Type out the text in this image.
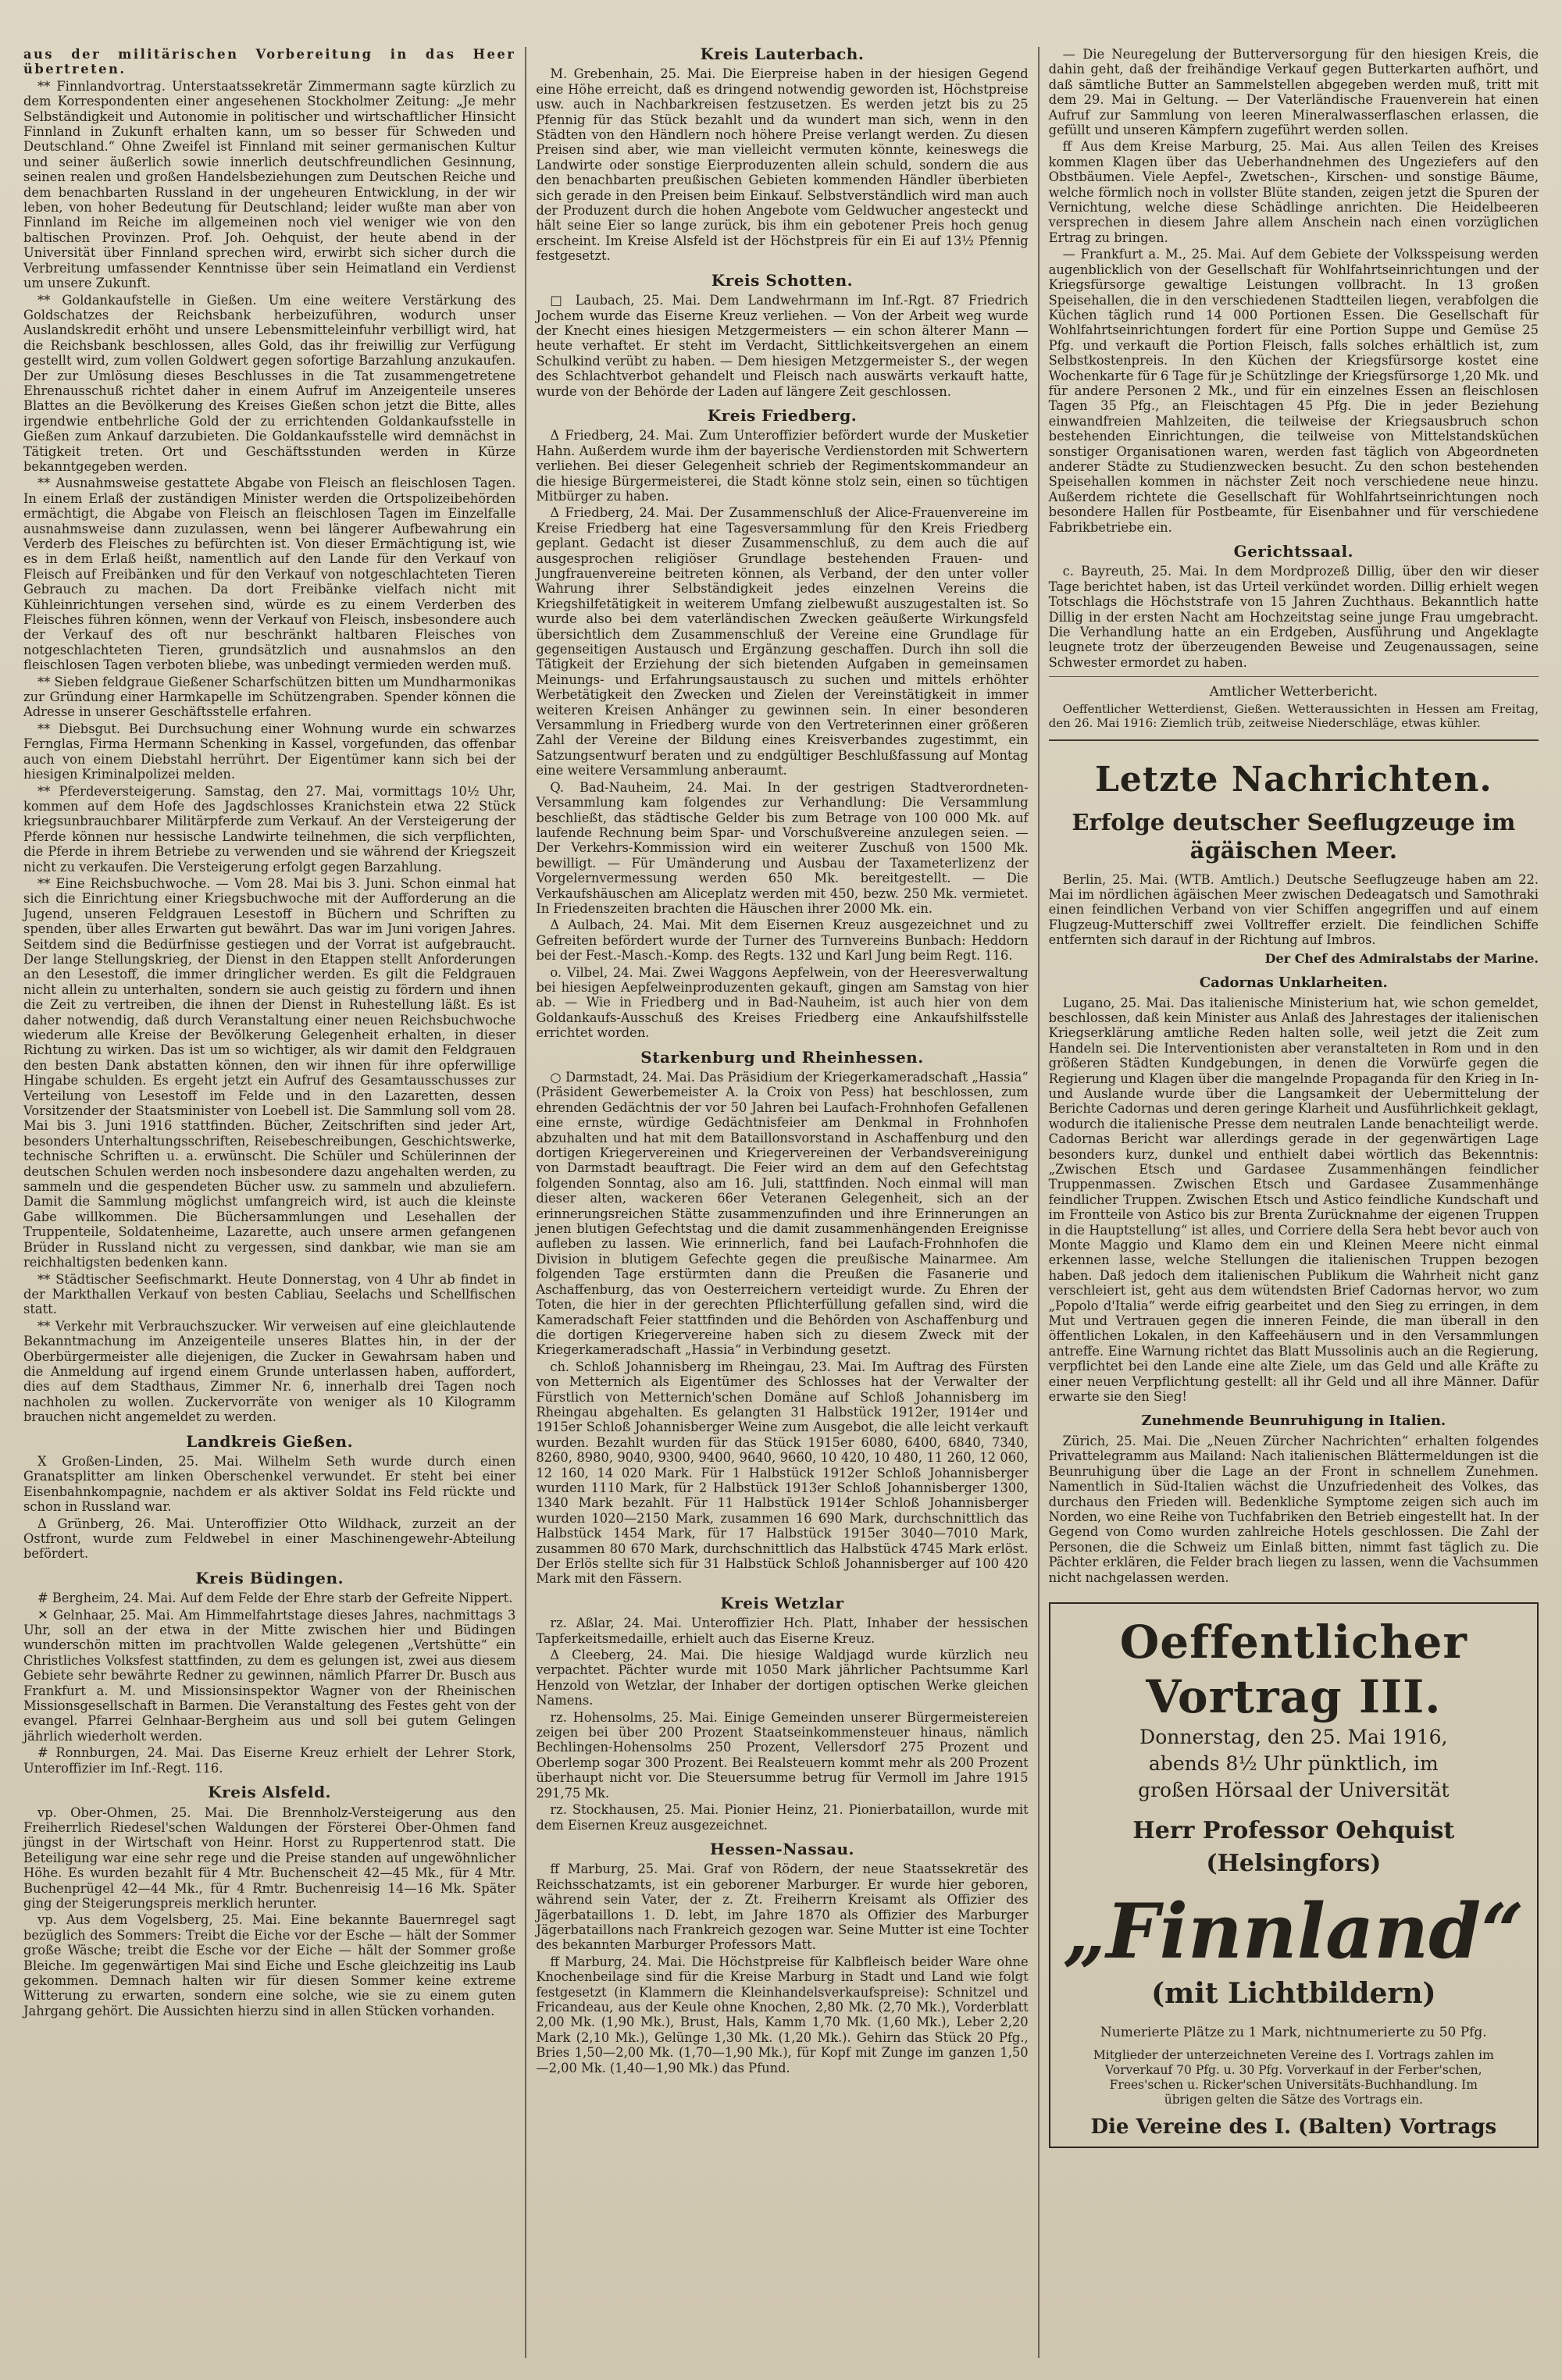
aus der militärischen Vorbereitung in das Heer übertreten.

** Finnlandvortrag. Unterstaatssekretär Zimmermann sagte kürzlich zu dem Korrespondenten einer angesehenen Stockholmer Zeitung: „Je mehr Selbständigkeit und Autonomie in politischer und wirtschaftlicher Hinsicht Finnland in Zukunft erhalten kann, um so besser für Schweden und Deutschland.“ Ohne Zweifel ist Finnland mit seiner germanischen Kultur und seiner äußerlich sowie innerlich deutschfreundlichen Gesinnung, seinen realen und großen Handelsbeziehungen zum Deutschen Reiche und dem benachbarten Russland in der ungeheuren Entwicklung, in der wir leben, von hoher Bedeutung für Deutschland; leider wußte man aber von Finnland im Reiche im allgemeinen noch viel weniger wie von den baltischen Provinzen. Prof. Joh. Oehquist, der heute abend in der Universität über Finnland sprechen wird, erwirbt sich sicher durch die Verbreitung umfassender Kenntnisse über sein Heimatland ein Verdienst um unsere Zukunft.

** Goldankaufstelle in Gießen. Um eine weitere Verstärkung des Goldschatzes der Reichsbank herbeizuführen, wodurch unser Auslandskredit erhöht und unsere Lebensmitteleinfuhr verbilligt wird, hat die Reichsbank beschlossen, alles Gold, das ihr freiwillig zur Verfügung gestellt wird, zum vollen Goldwert gegen sofortige Barzahlung anzukaufen. Der zur Umlösung dieses Beschlusses in die Tat zusammengetretene Ehrenausschuß richtet daher in einem Aufruf im Anzeigenteile unseres Blattes an die Bevölkerung des Kreises Gießen schon jetzt die Bitte, alles irgendwie entbehrliche Gold der zu errichtenden Goldankaufsstelle in Gießen zum Ankauf darzubieten. Die Goldankaufsstelle wird demnächst in Tätigkeit treten. Ort und Geschäftsstunden werden in Kürze bekanntgegeben werden.

** Ausnahmsweise gestattete Abgabe von Fleisch an fleischlosen Tagen. In einem Erlaß der zuständigen Minister werden die Ortspolizeibehörden ermächtigt, die Abgabe von Fleisch an fleischlosen Tagen im Einzelfalle ausnahmsweise dann zuzulassen, wenn bei längerer Aufbewahrung ein Verderb des Fleisches zu befürchten ist. Von dieser Ermächtigung ist, wie es in dem Erlaß heißt, namentlich auf den Lande für den Verkauf von Fleisch auf Freibänken und für den Verkauf von notgeschlachteten Tieren Gebrauch zu machen. Da dort Freibänke vielfach nicht mit Kühleinrichtungen versehen sind, würde es zu einem Verderben des Fleisches führen können, wenn der Verkauf von Fleisch, insbesondere auch der Verkauf des oft nur beschränkt haltbaren Fleisches von notgeschlachteten Tieren, grundsätzlich und ausnahmslos an den fleischlosen Tagen verboten bliebe, was unbedingt vermieden werden muß.

** Sieben feldgraue Gießener Scharfschützen bitten um Mundharmonikas zur Gründung einer Harmkapelle im Schützengraben. Spender können die Adresse in unserer Geschäftsstelle erfahren.

** Diebsgut. Bei Durchsuchung einer Wohnung wurde ein schwarzes Fernglas, Firma Hermann Schenking in Kassel, vorgefunden, das offenbar auch von einem Diebstahl herrührt. Der Eigentümer kann sich bei der hiesigen Kriminalpolizei melden.

** Pferdeversteigerung. Samstag, den 27. Mai, vormittags 10½ Uhr, kommen auf dem Hofe des Jagdschlosses Kranichstein etwa 22 Stück kriegsunbrauchbarer Militärpferde zum Verkauf. An der Versteigerung der Pferde können nur hessische Landwirte teilnehmen, die sich verpflichten, die Pferde in ihrem Betriebe zu verwenden und sie während der Kriegszeit nicht zu verkaufen. Die Versteigerung erfolgt gegen Barzahlung.

** Eine Reichsbuchwoche. — Vom 28. Mai bis 3. Juni. Schon einmal hat sich die Einrichtung einer Kriegsbuchwoche mit der Aufforderung an die Jugend, unseren Feldgrauen Lesestoff in Büchern und Schriften zu spenden, über alles Erwarten gut bewährt. Das war im Juni vorigen Jahres. Seitdem sind die Bedürfnisse gestiegen und der Vorrat ist aufgebraucht. Der lange Stellungskrieg, der Dienst in den Etappen stellt Anforderungen an den Lesestoff, die immer dringlicher werden. Es gilt die Feldgrauen nicht allein zu unterhalten, sondern sie auch geistig zu fördern und ihnen die Zeit zu vertreiben, die ihnen der Dienst in Ruhestellung läßt. Es ist daher notwendig, daß durch Veranstaltung einer neuen Reichsbuchwoche wiederum alle Kreise der Bevölkerung Gelegenheit erhalten, in dieser Richtung zu wirken. Das ist um so wichtiger, als wir damit den Feldgrauen den besten Dank abstatten können, den wir ihnen für ihre opferwillige Hingabe schulden. Es ergeht jetzt ein Aufruf des Gesamtausschusses zur Verteilung von Lesestoff im Felde und in den Lazaretten, dessen Vorsitzender der Staatsminister von Loebell ist. Die Sammlung soll vom 28. Mai bis 3. Juni 1916 stattfinden. Bücher, Zeitschriften sind jeder Art, besonders Unterhaltungsschriften, Reisebeschreibungen, Geschichtswerke, technische Schriften u. a. erwünscht. Die Schüler und Schülerinnen der deutschen Schulen werden noch insbesondere dazu angehalten werden, zu sammeln und die gespendeten Bücher usw. zu sammeln und abzuliefern. Damit die Sammlung möglichst umfangreich wird, ist auch die kleinste Gabe willkommen. Die Büchersammlungen und Lesehallen der Truppenteile, Soldatenheime, Lazarette, auch unsere armen gefangenen Brüder in Russland nicht zu vergessen, sind dankbar, wie man sie am reichhaltigsten bedenken kann.

** Städtischer Seefischmarkt. Heute Donnerstag, von 4 Uhr ab findet in der Markthallen Verkauf von besten Cabliau, Seelachs und Schellfischen statt.

** Verkehr mit Verbrauchszucker. Wir verweisen auf eine gleichlautende Bekanntmachung im Anzeigenteile unseres Blattes hin, in der der Oberbürgermeister alle diejenigen, die Zucker in Gewahrsam haben und die Anmeldung auf irgend einem Grunde unterlassen haben, auffordert, dies auf dem Stadthaus, Zimmer Nr. 6, innerhalb drei Tagen noch nachholen zu wollen. Zuckervorräte von weniger als 10 Kilogramm brauchen nicht angemeldet zu werden.

Landkreis Gießen.

X Großen-Linden, 25. Mai. Wilhelm Seth wurde durch einen Granatsplitter am linken Oberschenkel verwundet. Er steht bei einer Eisenbahnkompagnie, nachdem er als aktiver Soldat ins Feld rückte und schon in Russland war.

Δ Grünberg, 26. Mai. Unteroffizier Otto Wildhack, zurzeit an der Ostfront, wurde zum Feldwebel in einer Maschinengewehr-Abteilung befördert.

Kreis Büdingen.

# Bergheim, 24. Mai. Auf dem Felde der Ehre starb der Gefreite Nippert.

✕ Gelnhaar, 25. Mai. Am Himmelfahrtstage dieses Jahres, nachmittags 3 Uhr, soll an der etwa in der Mitte zwischen hier und Büdingen wunderschön mitten im prachtvollen Walde gelegenen „Vertshütte“ ein Christliches Volksfest stattfinden, zu dem es gelungen ist, zwei aus diesem Gebiete sehr bewährte Redner zu gewinnen, nämlich Pfarrer Dr. Busch aus Frankfurt a. M. und Missionsinspektor Wagner von der Rheinischen Missionsgesellschaft in Barmen. Die Veranstaltung des Festes geht von der evangel. Pfarrei Gelnhaar-Bergheim aus und soll bei gutem Gelingen jährlich wiederholt werden.

# Ronnburgen, 24. Mai. Das Eiserne Kreuz erhielt der Lehrer Stork, Unteroffizier im Inf.-Regt. 116.

Kreis Alsfeld.

vp. Ober-Ohmen, 25. Mai. Die Brennholz-Versteigerung aus den Freiherrlich Riedesel'schen Waldungen der Försterei Ober-Ohmen fand jüngst in der Wirtschaft von Heinr. Horst zu Ruppertenrod statt. Die Beteiligung war eine sehr rege und die Preise standen auf ungewöhnlicher Höhe. Es wurden bezahlt für 4 Mtr. Buchenscheit 42—45 Mk., für 4 Mtr. Buchenprügel 42—44 Mk., für 4 Rmtr. Buchenreisig 14—16 Mk. Später ging der Steigerungspreis merklich herunter.

vp. Aus dem Vogelsberg, 25. Mai. Eine bekannte Bauernregel sagt bezüglich des Sommers: Treibt die Eiche vor der Esche — hält der Sommer große Wäsche; treibt die Esche vor der Eiche — hält der Sommer große Bleiche. Im gegenwärtigen Mai sind Eiche und Esche gleichzeitig ins Laub gekommen. Demnach halten wir für diesen Sommer keine extreme Witterung zu erwarten, sondern eine solche, wie sie zu einem guten Jahrgang gehört. Die Aussichten hierzu sind in allen Stücken vorhanden.

Kreis Lauterbach.

M. Grebenhain, 25. Mai. Die Eierpreise haben in der hiesigen Gegend eine Höhe erreicht, daß es dringend notwendig geworden ist, Höchstpreise usw. auch in Nachbarkreisen festzusetzen. Es werden jetzt bis zu 25 Pfennig für das Stück bezahlt und da wundert man sich, wenn in den Städten von den Händlern noch höhere Preise verlangt werden. Zu diesen Preisen sind aber, wie man vielleicht vermuten könnte, keineswegs die Landwirte oder sonstige Eierproduzenten allein schuld, sondern die aus den benachbarten preußischen Gebieten kommenden Händler überbieten sich gerade in den Preisen beim Einkauf. Selbstverständlich wird man auch der Produzent durch die hohen Angebote vom Geldwucher angesteckt und hält seine Eier so lange zurück, bis ihm ein gebotener Preis hoch genug erscheint. Im Kreise Alsfeld ist der Höchstpreis für ein Ei auf 13½ Pfennig festgesetzt.

Kreis Schotten.

□ Laubach, 25. Mai. Dem Landwehrmann im Inf.-Rgt. 87 Friedrich Jochem wurde das Eiserne Kreuz verliehen. — Von der Arbeit weg wurde der Knecht eines hiesigen Metzgermeisters — ein schon älterer Mann — heute verhaftet. Er steht im Verdacht, Sittlichkeitsvergehen an einem Schulkind verübt zu haben. — Dem hiesigen Metzgermeister S., der wegen des Schlachtverbot gehandelt und Fleisch nach auswärts verkauft hatte, wurde von der Behörde der Laden auf längere Zeit geschlossen.

Kreis Friedberg.

Δ Friedberg, 24. Mai. Zum Unteroffizier befördert wurde der Musketier Hahn. Außerdem wurde ihm der bayerische Verdienstorden mit Schwertern verliehen. Bei dieser Gelegenheit schrieb der Regimentskommandeur an die hiesige Bürgermeisterei, die Stadt könne stolz sein, einen so tüchtigen Mitbürger zu haben.

Δ Friedberg, 24. Mai. Der Zusammenschluß der Alice-Frauenvereine im Kreise Friedberg hat eine Tagesversammlung für den Kreis Friedberg geplant. Gedacht ist dieser Zusammenschluß, zu dem auch die auf ausgesprochen religiöser Grundlage bestehenden Frauen- und Jungfrauenvereine beitreten können, als Verband, der den unter voller Wahrung ihrer Selbständigkeit jedes einzelnen Vereins die Kriegshilfetätigkeit in weiterem Umfang zielbewußt auszugestalten ist. So wurde also bei dem vaterländischen Zwecken geäußerte Wirkungsfeld übersichtlich dem Zusammenschluß der Vereine eine Grundlage für gegenseitigen Austausch und Ergänzung geschaffen. Durch ihn soll die Tätigkeit der Erziehung der sich bietenden Aufgaben in gemeinsamen Meinungs- und Erfahrungsaustausch zu suchen und mittels erhöhter Werbetätigkeit den Zwecken und Zielen der Vereinstätigkeit in immer weiteren Kreisen Anhänger zu gewinnen sein. In einer besonderen Versammlung in Friedberg wurde von den Vertreterinnen einer größeren Zahl der Vereine der Bildung eines Kreisverbandes zugestimmt, ein Satzungsentwurf beraten und zu endgültiger Beschlußfassung auf Montag eine weitere Versammlung anberaumt.

Q. Bad-Nauheim, 24. Mai. In der gestrigen Stadtverordneten-Versammlung kam folgendes zur Verhandlung: Die Versammlung beschließt, das städtische Gelder bis zum Betrage von 100 000 Mk. auf laufende Rechnung beim Spar- und Vorschußvereine anzulegen seien. — Der Verkehrs-Kommission wird ein weiterer Zuschuß von 1500 Mk. bewilligt. — Für Umänderung und Ausbau der Taxameterlizenz der Vorgelernvermessung werden 650 Mk. bereitgestellt. — Die Verkaufshäuschen am Aliceplatz werden mit 450, bezw. 250 Mk. vermietet. In Friedenszeiten brachten die Häuschen ihrer 2000 Mk. ein.

Δ Aulbach, 24. Mai. Mit dem Eisernen Kreuz ausgezeichnet und zu Gefreiten befördert wurde der Turner des Turnvereins Bunbach: Heddorn bei der Fest.-Masch.-Komp. des Regts. 132 und Karl Jung beim Regt. 116.

o. Vilbel, 24. Mai. Zwei Waggons Aepfelwein, von der Heeresverwaltung bei hiesigen Aepfelweinproduzenten gekauft, gingen am Samstag von hier ab. — Wie in Friedberg und in Bad-Nauheim, ist auch hier von dem Goldankaufs-Ausschuß des Kreises Friedberg eine Ankaufshilfsstelle errichtet worden.

Starkenburg und Rheinhessen.

○ Darmstadt, 24. Mai. Das Präsidium der Kriegerkameradschaft „Hassia“ (Präsident Gewerbemeister A. la Croix von Pess) hat beschlossen, zum ehrenden Gedächtnis der vor 50 Jahren bei Laufach-Frohnhofen Gefallenen eine ernste, würdige Gedächtnisfeier am Denkmal in Frohnhofen abzuhalten und hat mit dem Bataillonsvorstand in Aschaffenburg und den dortigen Kriegervereinen und Kriegervereinen der Verbandsvereinigung von Darmstadt beauftragt. Die Feier wird an dem auf den Gefechtstag folgenden Sonntag, also am 16. Juli, stattfinden. Noch einmal will man dieser alten, wackeren 66er Veteranen Gelegenheit, sich an der erinnerungsreichen Stätte zusammenzufinden und ihre Erinnerungen an jenen blutigen Gefechtstag und die damit zusammenhängenden Ereignisse aufleben zu lassen. Wie erinnerlich, fand bei Laufach-Frohnhofen die Division in blutigem Gefechte gegen die preußische Mainarmee. Am folgenden Tage erstürmten dann die Preußen die Fasanerie und Aschaffenburg, das von Oesterreichern verteidigt wurde. Zu Ehren der Toten, die hier in der gerechten Pflichterfüllung gefallen sind, wird die Kameradschaft Feier stattfinden und die Behörden von Aschaffenburg und die dortigen Kriegervereine haben sich zu diesem Zweck mit der Kriegerkameradschaft „Hassia“ in Verbindung gesetzt.

ch. Schloß Johannisberg im Rheingau, 23. Mai. Im Auftrag des Fürsten von Metternich als Eigentümer des Schlosses hat der Verwalter der Fürstlich von Metternich'schen Domäne auf Schloß Johannisberg im Rheingau abgehalten. Es gelangten 31 Halbstück 1912er, 1914er und 1915er Schloß Johannisberger Weine zum Ausgebot, die alle leicht verkauft wurden. Bezahlt wurden für das Stück 1915er 6080, 6400, 6840, 7340, 8260, 8980, 9040, 9300, 9400, 9640, 9660, 10 420, 10 480, 11 260, 12 060, 12 160, 14 020 Mark. Für 1 Halbstück 1912er Schloß Johannisberger wurden 1110 Mark, für 2 Halbstück 1913er Schloß Johannisberger 1300, 1340 Mark bezahlt. Für 11 Halbstück 1914er Schloß Johannisberger wurden 1020—2150 Mark, zusammen 16 690 Mark, durchschnittlich das Halbstück 1454 Mark, für 17 Halbstück 1915er 3040—7010 Mark, zusammen 80 670 Mark, durchschnittlich das Halbstück 4745 Mark erlöst. Der Erlös stellte sich für 31 Halbstück Schloß Johannisberger auf 100 420 Mark mit den Fässern.

Kreis Wetzlar

rz. Aßlar, 24. Mai. Unteroffizier Hch. Platt, Inhaber der hessischen Tapferkeitsmedaille, erhielt auch das Eiserne Kreuz.

Δ Cleeberg, 24. Mai. Die hiesige Waldjagd wurde kürzlich neu verpachtet. Pächter wurde mit 1050 Mark jährlicher Pachtsumme Karl Henzold von Wetzlar, der Inhaber der dortigen optischen Werke gleichen Namens.

rz. Hohensolms, 25. Mai. Einige Gemeinden unserer Bürgermeistereien zeigen bei über 200 Prozent Staatseinkommensteuer hinaus, nämlich Bechlingen-Hohensolms 250 Prozent, Vellersdorf 275 Prozent und Oberlemp sogar 300 Prozent. Bei Realsteuern kommt mehr als 200 Prozent überhaupt nicht vor. Die Steuersumme betrug für Vermoll im Jahre 1915 291,75 Mk.

rz. Stockhausen, 25. Mai. Pionier Heinz, 21. Pionierbataillon, wurde mit dem Eisernen Kreuz ausgezeichnet.

Hessen-Nassau.

ff Marburg, 25. Mai. Graf von Rödern, der neue Staatssekretär des Reichsschatzamts, ist ein geborener Marburger. Er wurde hier geboren, während sein Vater, der z. Zt. Freiherrn Kreisamt als Offizier des Jägerbataillons 1. D. lebt, im Jahre 1870 als Offizier des Marburger Jägerbataillons nach Frankreich gezogen war. Seine Mutter ist eine Tochter des bekannten Marburger Professors Matt.

ff Marburg, 24. Mai. Die Höchstpreise für Kalbfleisch beider Ware ohne Knochenbeilage sind für die Kreise Marburg in Stadt und Land wie folgt festgesetzt (in Klammern die Kleinhandelsverkaufspreise): Schnitzel und Fricandeau, aus der Keule ohne Knochen, 2,80 Mk. (2,70 Mk.), Vorderblatt 2,00 Mk. (1,90 Mk.), Brust, Hals, Kamm 1,70 Mk. (1,60 Mk.), Leber 2,20 Mark (2,10 Mk.), Gelünge 1,30 Mk. (1,20 Mk.). Gehirn das Stück 20 Pfg., Bries 1,50—2,00 Mk. (1,70—1,90 Mk.), für Kopf mit Zunge im ganzen 1,50—2,00 Mk. (1,40—1,90 Mk.) das Pfund.

— Die Neuregelung der Butterversorgung für den hiesigen Kreis, die dahin geht, daß der freihändige Verkauf gegen Butterkarten aufhört, und daß sämtliche Butter an Sammelstellen abgegeben werden muß, tritt mit dem 29. Mai in Geltung. — Der Vaterländische Frauenverein hat einen Aufruf zur Sammlung von leeren Mineralwasserflaschen erlassen, die gefüllt und unseren Kämpfern zugeführt werden sollen.

ff Aus dem Kreise Marburg, 25. Mai. Aus allen Teilen des Kreises kommen Klagen über das Ueberhandnehmen des Ungeziefers auf den Obstbäumen. Viele Aepfel-, Zwetschen-, Kirschen- und sonstige Bäume, welche förmlich noch in vollster Blüte standen, zeigen jetzt die Spuren der Vernichtung, welche diese Schädlinge anrichten. Die Heidelbeeren versprechen in diesem Jahre allem Anschein nach einen vorzüglichen Ertrag zu bringen.

— Frankfurt a. M., 25. Mai. Auf dem Gebiete der Volksspeisung werden augenblicklich von der Gesellschaft für Wohlfahrtseinrichtungen und der Kriegsfürsorge gewaltige Leistungen vollbracht. In 13 großen Speisehallen, die in den verschiedenen Stadtteilen liegen, verabfolgen die Küchen täglich rund 14 000 Portionen Essen. Die Gesellschaft für Wohlfahrtseinrichtungen fordert für eine Portion Suppe und Gemüse 25 Pfg. und verkauft die Portion Fleisch, falls solches erhältlich ist, zum Selbstkostenpreis. In den Küchen der Kriegsfürsorge kostet eine Wochenkarte für 6 Tage für je Schützlinge der Kriegsfürsorge 1,20 Mk. und für andere Personen 2 Mk., und für ein einzelnes Essen an fleischlosen Tagen 35 Pfg., an Fleischtagen 45 Pfg. Die in jeder Beziehung einwandfreien Mahlzeiten, die teilweise der Kriegsausbruch schon bestehenden Einrichtungen, die teilweise von Mittelstandsküchen sonstiger Organisationen waren, werden fast täglich von Abgeordneten anderer Städte zu Studienzwecken besucht. Zu den schon bestehenden Speisehallen kommen in nächster Zeit noch verschiedene neue hinzu. Außerdem richtete die Gesellschaft für Wohlfahrtseinrichtungen noch besondere Hallen für Postbeamte, für Eisenbahner und für verschiedene Fabrikbetriebe ein.

Gerichtssaal.

c. Bayreuth, 25. Mai. In dem Mordprozeß Dillig, über den wir dieser Tage berichtet haben, ist das Urteil verkündet worden. Dillig erhielt wegen Totschlags die Höchststrafe von 15 Jahren Zuchthaus. Bekanntlich hatte Dillig in der ersten Nacht am Hochzeitstag seine junge Frau umgebracht. Die Verhandlung hatte an ein Erdgeben, Ausführung und Angeklagte leugnete trotz der überzeugenden Beweise und Zeugenaussagen, seine Schwester ermordet zu haben.

Amtlicher Wetterbericht.

Oeffentlicher Wetterdienst, Gießen. Wetteraussichten in Hessen am Freitag, den 26. Mai 1916: Ziemlich trüb, zeitweise Niederschläge, etwas kühler.

Letzte Nachrichten.
Erfolge deutscher Seeflugzeuge im ägäischen Meer.

Berlin, 25. Mai. (WTB. Amtlich.) Deutsche Seeflugzeuge haben am 22. Mai im nördlichen ägäischen Meer zwischen Dedeagatsch und Samothraki einen feindlichen Verband von vier Schiffen angegriffen und auf einem Flugzeug-Mutterschiff zwei Volltreffer erzielt. Die feindlichen Schiffe entfernten sich darauf in der Richtung auf Imbros.

Der Chef des Admiralstabs der Marine.
Cadornas Unklarheiten.

Lugano, 25. Mai. Das italienische Ministerium hat, wie schon gemeldet, beschlossen, daß kein Minister aus Anlaß des Jahrestages der italienischen Kriegserklärung amtliche Reden halten solle, weil jetzt die Zeit zum Handeln sei. Die Interventionisten aber veranstalteten in Rom und in den größeren Städten Kundgebungen, in denen die Vorwürfe gegen die Regierung und Klagen über die mangelnde Propaganda für den Krieg in In- und Auslande wurde über die Langsamkeit der Uebermittelung der Berichte Cadornas und deren geringe Klarheit und Ausführlichkeit geklagt, wodurch die italienische Presse dem neutralen Lande benachteiligt werde. Cadornas Bericht war allerdings gerade in der gegenwärtigen Lage besonders kurz, dunkel und enthielt dabei wörtlich das Bekenntnis: „Zwischen Etsch und Gardasee Zusammenhängen feindlicher Truppenmassen. Zwischen Etsch und Gardasee Zusammenhänge feindlicher Truppen. Zwischen Etsch und Astico feindliche Kundschaft und im Frontteile von Astico bis zur Brenta Zurücknahme der eigenen Truppen in die Hauptstellung“ ist alles, und Corriere della Sera hebt bevor auch von Monte Maggio und Klamo dem ein und Kleinen Meere nicht einmal erkennen lasse, welche Stellungen die italienischen Truppen bezogen haben. Daß jedoch dem italienischen Publikum die Wahrheit nicht ganz verschleiert ist, geht aus dem wütendsten Brief Cadornas hervor, wo zum „Popolo d'Italia“ werde eifrig gearbeitet und den Sieg zu erringen, in dem Mut und Vertrauen gegen die inneren Feinde, die man überall in den öffentlichen Lokalen, in den Kaffeehäusern und in den Versammlungen antreffe. Eine Warnung richtet das Blatt Mussolinis auch an die Regierung, verpflichtet bei den Lande eine alte Ziele, um das Geld und alle Kräfte zu einer neuen Verpflichtung gestellt: all ihr Geld und all ihre Männer. Dafür erwarte sie den Sieg!

Zunehmende Beunruhigung in Italien.

Zürich, 25. Mai. Die „Neuen Zürcher Nachrichten“ erhalten folgendes Privattelegramm aus Mailand: Nach italienischen Blättermeldungen ist die Beunruhigung über die Lage an der Front in schnellem Zunehmen. Namentlich in Süd-Italien wächst die Unzufriedenheit des Volkes, das durchaus den Frieden will. Bedenkliche Symptome zeigen sich auch im Norden, wo eine Reihe von Tuchfabriken den Betrieb eingestellt hat. In der Gegend von Como wurden zahlreiche Hotels geschlossen. Die Zahl der Personen, die die Schweiz um Einlaß bitten, nimmt fast täglich zu. Die Pächter erklären, die Felder brach liegen zu lassen, wenn die Vachsummen nicht nachgelassen werden.

Oeffentlicher Vortrag III.
Donnerstag, den 25. Mai 1916,
abends 8½ Uhr pünktlich, im
großen Hörsaal der Universität
Herr Professor Oehquist (Helsingfors)
„Finnland“
(mit Lichtbildern)
Numerierte Plätze zu 1 Mark, nichtnumerierte zu 50 Pfg.
Mitglieder der unterzeichneten Vereine des I. Vortrags zahlen im Vorverkauf 70 Pfg. u. 30 Pfg. Vorverkauf in der Ferber'schen, Frees'schen u. Ricker'schen Universitäts-Buchhandlung. Im übrigen gelten die Sätze des Vortrags ein.
Die Vereine des I. (Balten) Vortrags
